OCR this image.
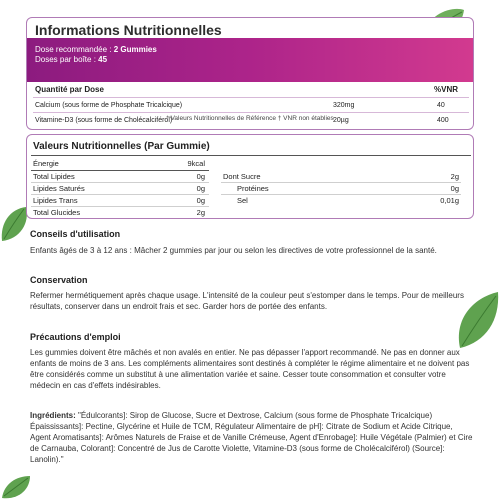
Informations Nutritionnelles
Dose recommandée : 2 Gummies
Doses par boîte : 45
Quantité par Dose	%VNR
Calcium (sous forme de Phosphate Tricalcique)	320mg	40
Vitamine-D3 (sous forme de Cholécalciférol)	20µg	400
* Valeurs Nutritionnelles de Référence † VNR non établies
Valeurs Nutritionnelles (Par Gummie)
Énergie	9kcal
Total Lipides	0g
Lipides Saturés	0g
Lipides Trans	0g
Total Glucides	2g
Dont Sucre	2g
Protéines	0g
Sel	0,01g
Conseils d'utilisation
Enfants âgés de 3 à 12 ans : Mâcher 2 gummies par jour ou selon les directives de votre professionnel de la santé.
Conservation
Refermer hermétiquement après chaque usage. L'intensité de la couleur peut s'estomper dans le temps. Pour de meilleurs résultats, conserver dans un endroit frais et sec. Garder hors de portée des enfants.
Précautions d'emploi
Les gummies doivent être mâchés et non avalés en entier. Ne pas dépasser l'apport recommandé. Ne pas en donner aux enfants de moins de 3 ans. Les compléments alimentaires sont destinés à compléter le régime alimentaire et ne doivent pas être considérés comme un substitut à une alimentation variée et saine. Cesser toute consommation et consulter votre médecin en cas d'effets indésirables.
Ingrédients: "Édulcorants]: Sirop de Glucose, Sucre et Dextrose, Calcium (sous forme de Phosphate Tricalcique) Épaississants]: Pectine, Glycérine et Huile de TCM, Régulateur Alimentaire de pH]: Citrate de Sodium et Acide Citrique, Agent Aromatisants]: Arômes Naturels de Fraise et de Vanille Crémeuse, Agent d'Enrobage]: Huile Végétale (Palmier) et Cire de Carnauba, Colorant]: Concentré de Jus de Carotte Violette, Vitamine-D3 (sous forme de Cholécalciférol) (Source]: Lanolin)."
